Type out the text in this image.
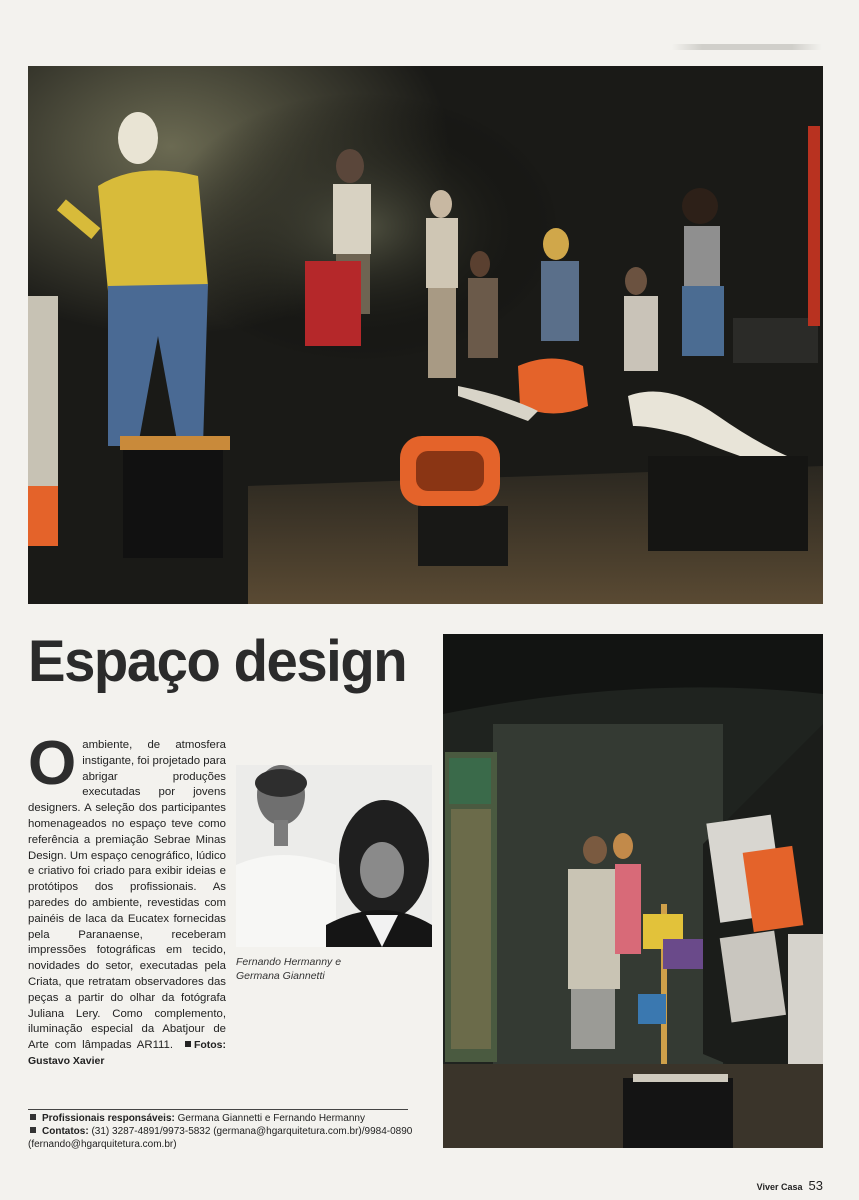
Espaço design

O ambiente, de atmosfera instigante, foi projetado para abrigar produções executadas por jovens designers. A seleção dos participantes homenageados no espaço teve como referência a premiação Sebrae Minas Design. Um espaço cenográfico, lúdico e criativo foi criado para exibir ideias e protótipos dos profissionais. As paredes do ambiente, revestidas com painéis de laca da Eucatex fornecidas pela Paranaense, receberam impressões fotográficas em tecido, novidades do setor, executadas pela Criata, que retratam observadores das peças a partir do olhar da fotógrafa Juliana Lery. Como complemento, iluminação especial da Abatjour de Arte com lâmpadas AR111. Fotos: Gustavo Xavier

Fernando Hermanny e
Germana Giannetti

Profissionais responsáveis: Germana Giannetti e Fernando Hermanny

Contatos: (31) 3287-4891/9973-5832 (germana@hgarquitetura.com.br)/9984-0890

(fernando@hgarquitetura.com.br)

Viver Casa 53
